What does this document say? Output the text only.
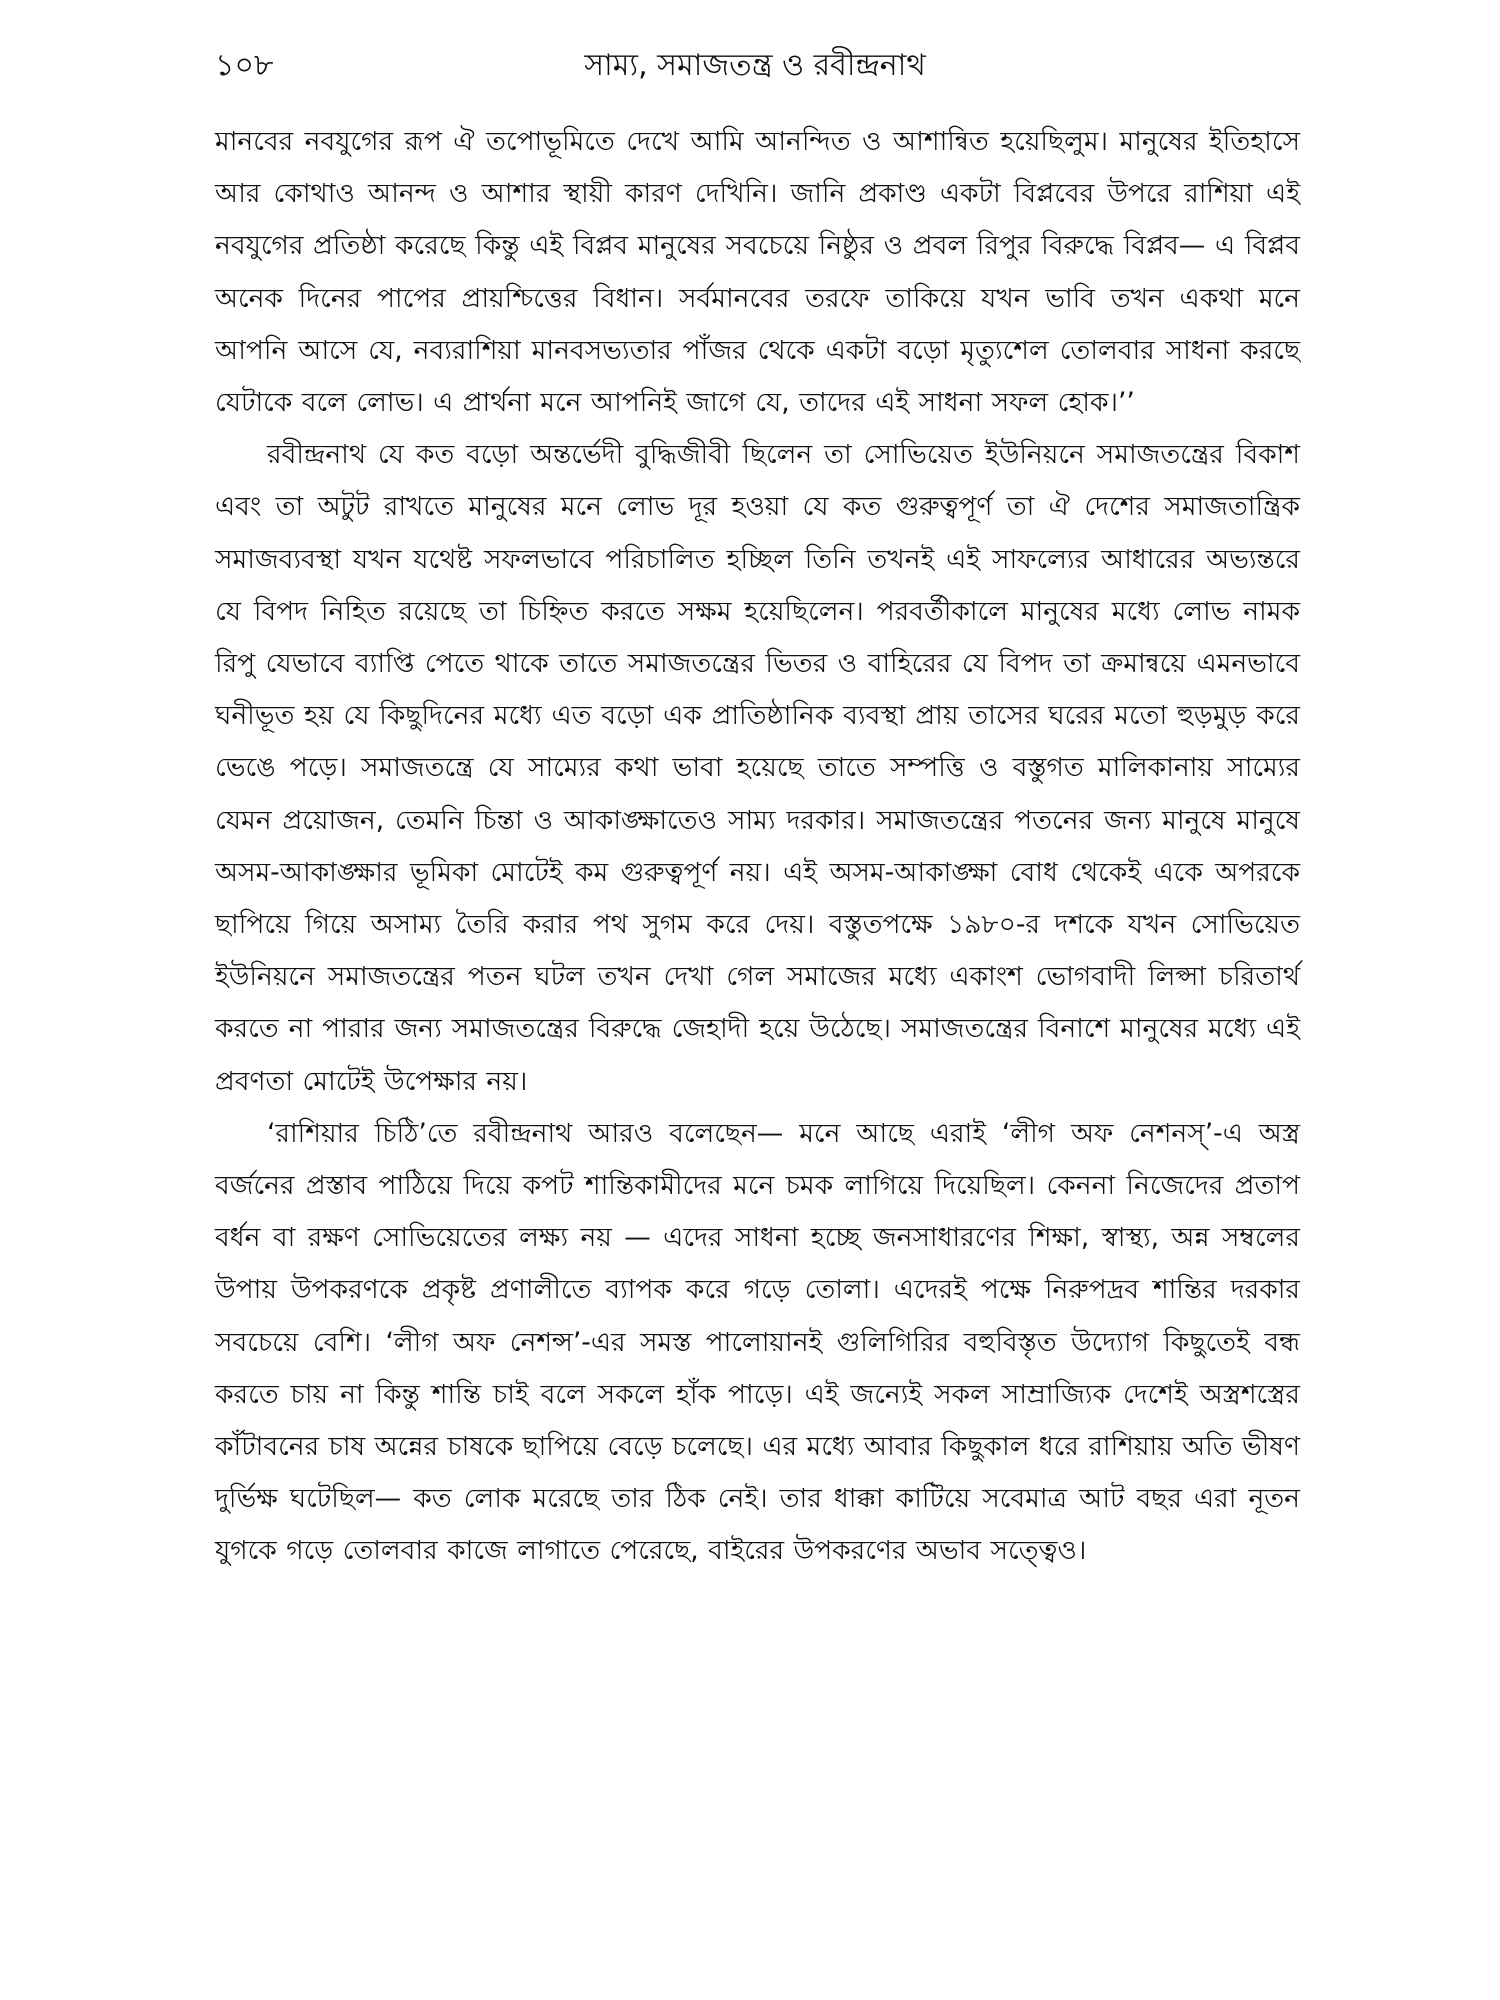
১০৮	সাম্য, সমাজতন্ত্র ও রবীন্দ্রনাথ

মানবের নবযুগের রূপ ঐ তপোভূমিতে দেখে আমি আনন্দিত ও আশান্বিত হয়েছিলুম। মানুষের ইতিহাসে আর কোথাও আনন্দ ও আশার স্থায়ী কারণ দেখিনি। জানি প্রকাণ্ড একটা বিপ্লবের উপরে রাশিয়া এই নবযুগের প্রতিষ্ঠা করেছে কিন্তু এই বিপ্লব মানুষের সবচেয়ে নিষ্ঠুর ও প্রবল রিপুর বিরুদ্ধে বিপ্লব— এ বিপ্লব অনেক দিনের পাপের প্রায়শ্চিত্তের বিধান। সর্বমানবের তরফে তাকিয়ে যখন ভাবি তখন একথা মনে আপনি আসে যে, নব্যরাশিয়া মানবসভ্যতার পাঁজর থেকে একটা বড়ো মৃত্যুশেল তোলবার সাধনা করছে যেটাকে বলে লোভ। এ প্রার্থনা মনে আপনিই জাগে যে, তাদের এই সাধনা সফল হোক।’’

রবীন্দ্রনাথ যে কত বড়ো অন্তর্ভেদী বুদ্ধিজীবী ছিলেন তা সোভিয়েত ইউনিয়নে সমাজতন্ত্রের বিকাশ এবং তা অটুট রাখতে মানুষের মনে লোভ দূর হওয়া যে কত গুরুত্বপূর্ণ তা ঐ দেশের সমাজতান্ত্রিক সমাজব্যবস্থা যখন যথেষ্ট সফলভাবে পরিচালিত হচ্ছিল তিনি তখনই এই সাফল্যের আধারের অভ্যন্তরে যে বিপদ নিহিত রয়েছে তা চিহ্নিত করতে সক্ষম হয়েছিলেন। পরবর্তীকালে মানুষের মধ্যে লোভ নামক রিপু যেভাবে ব্যাপ্তি পেতে থাকে তাতে সমাজতন্ত্রের ভিতর ও বাহিরের যে বিপদ তা ক্রমান্বয়ে এমনভাবে ঘনীভূত হয় যে কিছুদিনের মধ্যে এত বড়ো এক প্রাতিষ্ঠানিক ব্যবস্থা প্রায় তাসের ঘরের মতো হুড়মুড় করে ভেঙে পড়ে। সমাজতন্ত্রে যে সাম্যের কথা ভাবা হয়েছে তাতে সম্পত্তি ও বস্তুগত মালিকানায় সাম্যের যেমন প্রয়োজন, তেমনি চিন্তা ও আকাঙ্ক্ষাতেও সাম্য দরকার। সমাজতন্ত্রের পতনের জন্য মানুষে মানুষে অসম-আকাঙ্ক্ষার ভূমিকা মোটেই কম গুরুত্বপূর্ণ নয়। এই অসম-আকাঙ্ক্ষা বোধ থেকেই একে অপরকে ছাপিয়ে গিয়ে অসাম্য তৈরি করার পথ সুগম করে দেয়। বস্তুতপক্ষে ১৯৮০-র দশকে যখন সোভিয়েত ইউনিয়নে সমাজতন্ত্রের পতন ঘটল তখন দেখা গেল সমাজের মধ্যে একাংশ ভোগবাদী লিপ্সা চরিতার্থ করতে না পারার জন্য সমাজতন্ত্রের বিরুদ্ধে জেহাদী হয়ে উঠেছে। সমাজতন্ত্রের বিনাশে মানুষের মধ্যে এই প্রবণতা মোটেই উপেক্ষার নয়।

‘রাশিয়ার চিঠি’তে রবীন্দ্রনাথ আরও বলেছেন— মনে আছে এরাই ‘লীগ অফ নেশনস্’-এ অস্ত্র বর্জনের প্রস্তাব পাঠিয়ে দিয়ে কপট শান্তিকামীদের মনে চমক লাগিয়ে দিয়েছিল। কেননা নিজেদের প্রতাপ বর্ধন বা রক্ষণ সোভিয়েতের লক্ষ্য নয় — এদের সাধনা হচ্ছে জনসাধারণের শিক্ষা, স্বাস্থ্য, অন্ন সম্বলের উপায় উপকরণকে প্রকৃষ্ট প্রণালীতে ব্যাপক করে গড়ে তোলা। এদেরই পক্ষে নিরুপদ্রব শান্তির দরকার সবচেয়ে বেশি। ‘লীগ অফ নেশন্স’-এর সমস্ত পালোয়ানই গুলিগিরির বহুবিস্তৃত উদ্যোগ কিছুতেই বন্ধ করতে চায় না কিন্তু শান্তি চাই বলে সকলে হাঁক পাড়ে। এই জন্যেই সকল সাম্রাজ্যিক দেশেই অস্ত্রশস্ত্রের কাঁটাবনের চাষ অন্নের চাষকে ছাপিয়ে বেড়ে চলেছে। এর মধ্যে আবার কিছুকাল ধরে রাশিয়ায় অতি ভীষণ দুর্ভিক্ষ ঘটেছিল— কত লোক মরেছে তার ঠিক নেই। তার ধাক্কা কাটিয়ে সবেমাত্র আট বছর এরা নূতন যুগকে গড়ে তোলবার কাজে লাগাতে পেরেছে, বাইরের উপকরণের অভাব সত্ত্বেও।
